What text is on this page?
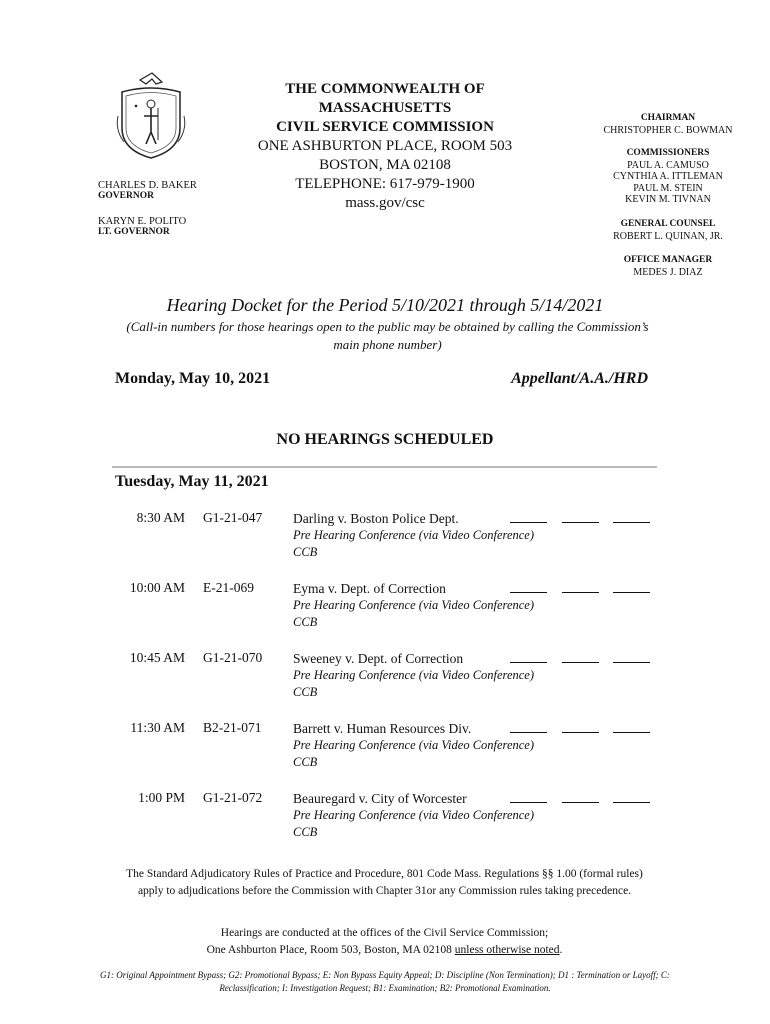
CHARLES D. BAKER
GOVERNOR
KARYN E. POLITO
LT. GOVERNOR
THE COMMONWEALTH OF MASSACHUSETTS
CIVIL SERVICE COMMISSION
ONE ASHBURTON PLACE, ROOM 503
BOSTON, MA 02108
TELEPHONE: 617-979-1900
mass.gov/csc
CHAIRMAN
CHRISTOPHER C. BOWMAN
COMMISSIONERS
PAUL A. CAMUSO
CYNTHIA A. ITTLEMAN
PAUL M. STEIN
KEVIN M. TIVNAN
GENERAL COUNSEL
ROBERT L. QUINAN, JR.
OFFICE MANAGER
MEDES J. DIAZ
Hearing Docket for the Period 5/10/2021 through 5/14/2021
(Call-in numbers for those hearings open to the public may be obtained by calling the Commission’s main phone number)
Monday, May 10, 2021	Appellant/A.A./HRD
NO HEARINGS SCHEDULED
Tuesday, May 11, 2021
8:30 AM G1-21-047 Darling v. Boston Police Dept.
Pre Hearing Conference (via Video Conference)
CCB
10:00 AM E-21-069	Eyma v. Dept. of Correction
Pre Hearing Conference (via Video Conference)
CCB
10:45 AM G1-21-070 Sweeney v. Dept. of Correction
Pre Hearing Conference (via Video Conference)
CCB
11:30 AM B2-21-071 Barrett v. Human Resources Div.
Pre Hearing Conference (via Video Conference)
CCB
1:00 PM G1-21-072 Beauregard v. City of Worcester
Pre Hearing Conference (via Video Conference)
CCB
The Standard Adjudicatory Rules of Practice and Procedure, 801 Code Mass. Regulations §§ 1.00 (formal rules) apply to adjudications before the Commission with Chapter 31or any Commission rules taking precedence.
Hearings are conducted at the offices of the Civil Service Commission;
One Ashburton Place, Room 503, Boston, MA 02108 unless otherwise noted.
G1: Original Appointment Bypass; G2: Promotional Bypass; E: Non Bypass Equity Appeal; D: Discipline (Non Termination); D1 : Termination or Layoff; C: Reclassification; I: Investigation Request; B1: Examination; B2: Promotional Examination.
